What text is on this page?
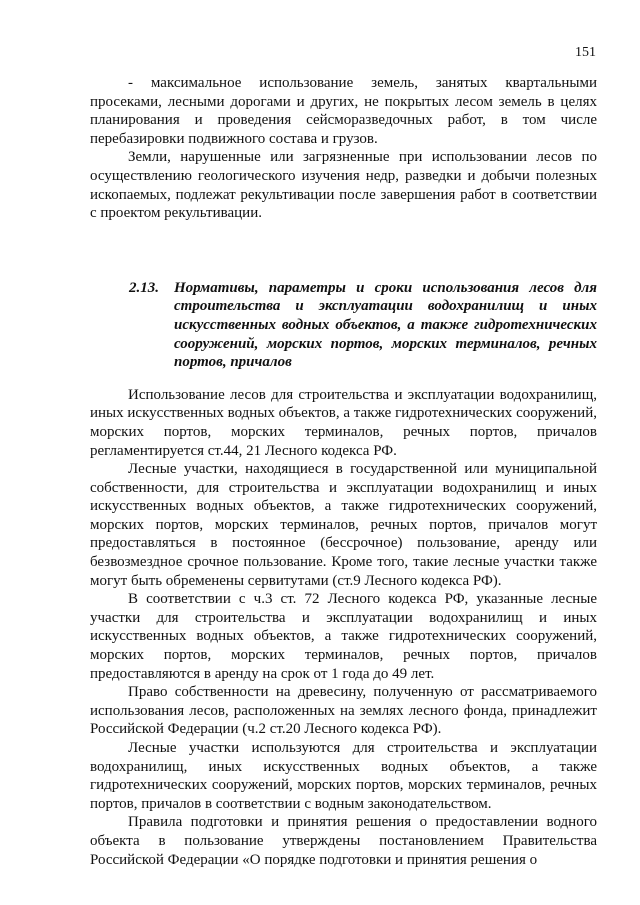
151

- максимальное использование земель, занятых квартальными просеками, лесными дорогами и других, не покрытых лесом земель в целях планирования и проведения сейсморазведочных работ, в том числе перебазировки подвижного состава и грузов.

Земли, нарушенные или загрязненные при использовании лесов по осуществлению геологического изучения недр, разведки и добычи полезных ископаемых, подлежат рекультивации после завершения работ в соответствии с проектом рекультивации.

2.13. Нормативы, параметры и сроки использования лесов для строительства и эксплуатации водохранилищ и иных искусственных водных объектов, а также гидротехнических сооружений, морских портов, морских терминалов, речных портов, причалов

Использование лесов для строительства и эксплуатации водохранилищ, иных искусственных водных объектов, а также гидротехнических сооружений, морских портов, морских терминалов, речных портов, причалов регламентируется ст.44, 21 Лесного кодекса РФ.

Лесные участки, находящиеся в государственной или муниципальной собственности, для строительства и эксплуатации водохранилищ и иных искусственных водных объектов, а также гидротехнических сооружений, морских портов, морских терминалов, речных портов, причалов могут предоставляться в постоянное (бессрочное) пользование, аренду или безвозмездное срочное пользование. Кроме того, такие лесные участки также могут быть обременены сервитутами (ст.9 Лесного кодекса РФ).

В соответствии с ч.3 ст. 72 Лесного кодекса РФ, указанные лесные участки для строительства и эксплуатации водохранилищ и иных искусственных водных объектов, а также гидротехнических сооружений, морских портов, морских терминалов, речных портов, причалов предоставляются в аренду на срок от 1 года до 49 лет.

Право собственности на древесину, полученную от рассматриваемого использования лесов, расположенных на землях лесного фонда, принадлежит Российской Федерации (ч.2 ст.20 Лесного кодекса РФ).

Лесные участки используются для строительства и эксплуатации водохранилищ, иных искусственных водных объектов, а также гидротехнических сооружений, морских портов, морских терминалов, речных портов, причалов в соответствии с водным законодательством.

Правила подготовки и принятия решения о предоставлении водного объекта в пользование утверждены постановлением Правительства Российской Федерации «О порядке подготовки и принятия решения о
